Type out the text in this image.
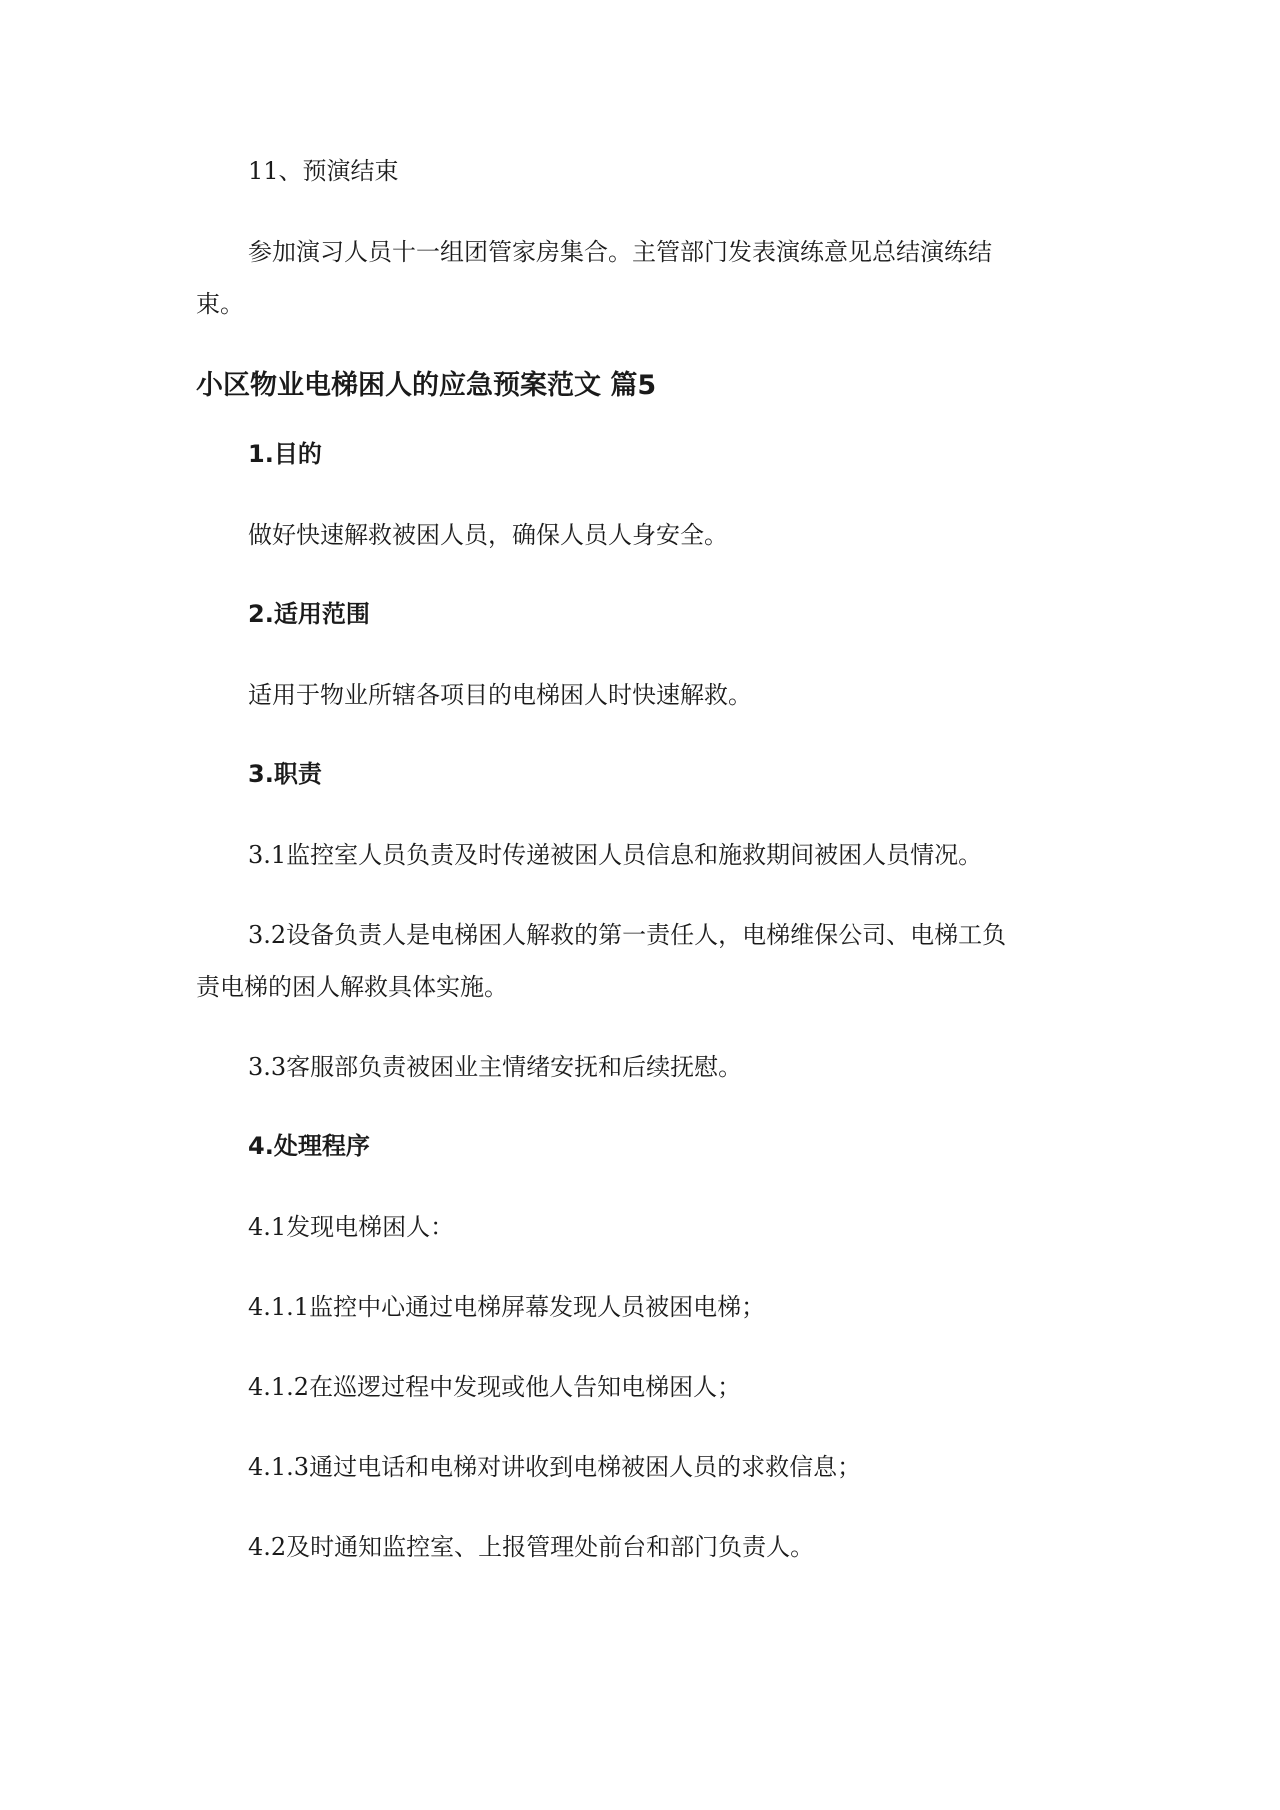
11、预演结束

参加演习人员十一组团管家房集合。主管部门发表演练意见总结演练结

束。

小区物业电梯困人的应急预案范文 篇5

1.目的

做好快速解救被困人员，确保人员人身安全。

2.适用范围

适用于物业所辖各项目的电梯困人时快速解救。

3.职责

3.1监控室人员负责及时传递被困人员信息和施救期间被困人员情况。

3.2设备负责人是电梯困人解救的第一责任人，电梯维保公司、电梯工负

责电梯的困人解救具体实施。

3.3客服部负责被困业主情绪安抚和后续抚慰。

4.处理程序

4.1发现电梯困人：

4.1.1监控中心通过电梯屏幕发现人员被困电梯；

4.1.2在巡逻过程中发现或他人告知电梯困人；

4.1.3通过电话和电梯对讲收到电梯被困人员的求救信息；

4.2及时通知监控室、上报管理处前台和部门负责人。
